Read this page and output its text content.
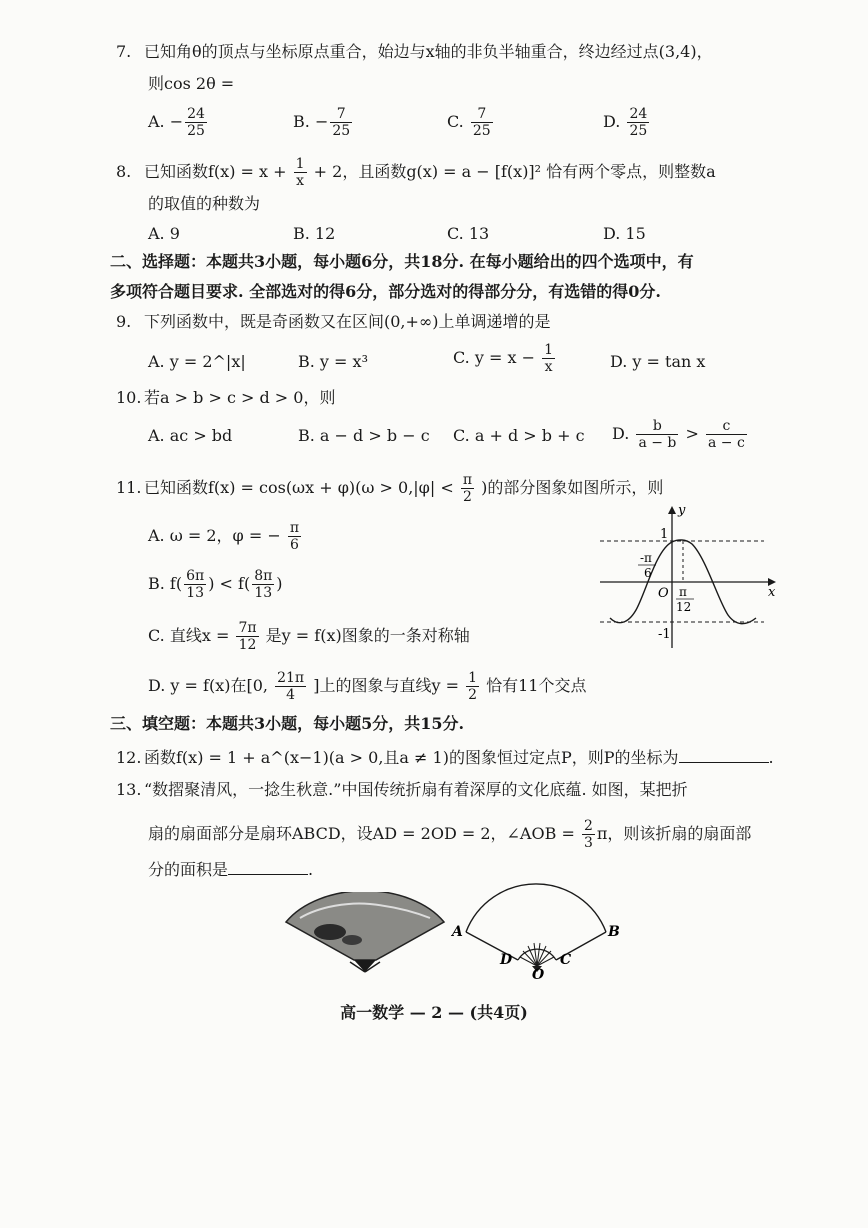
7. 已知角θ的顶点与坐标原点重合，始边与x轴的非负半轴重合，终边经过点(3,4)，
则cos 2θ =
A. − $\frac{24}{25}$	B. − $\frac{7}{25}$	C. $\frac{7}{25}$	D. $\frac{24}{25}$
8. 已知函数$f(x) = x + \frac{1}{x} + 2$，且函数g(x) = a − [f(x)]² 恰有两个零点，则整数a
的取值的种数为
A. 9	B. 12	C. 13	D. 15
二、选择题：本题共3小题，每小题6分，共18分. 在每小题给出的四个选项中，有
多项符合题目要求. 全部选对的得6分，部分选对的得部分分，有选错的得0分.
9. 下列函数中，既是奇函数又在区间(0,+∞)上单调递增的是
A. y = 2^|x|	B. y = x³	C. $y = x - \frac{1}{x}$	D. y = tan x
10. 若a > b > c > d > 0，则
A. ac > bd	B. a − d > b − c C. a + d > b + c D. $\frac{b}{a - b} > \frac{c}{a - c}$
11. 已知函数$f(x) = \cos(\omega x + \varphi)(\omega > 0,|\varphi| < \frac{\pi}{2}$ )的部分图象如图所示，则
A. ω = 2，φ = − $\frac{\pi}{6}$
B. $f( \frac{6\pi}{13}$ ) < $f( \frac{8\pi}{13}$ )
C. 直线$x = \frac{7\pi}{12}$ 是y = f(x)图象的一条对称轴
D. y = f(x)在[0, $\frac{21\pi}{4}$ ]上的图象与直线$y = \frac{1}{2}$ 恰有11个交点
y
x
O
1
-1
-π
6
π
12
三、填空题：本题共3小题，每小题5分，共15分.
12. 函数f(x) = 1 + a^(x−1)(a > 0,且a ≠ 1)的图象恒过定点P，则P的坐标为	.
13. “数摺聚清风，一捻生秋意.”中国传统折扇有着深厚的文化底蕴. 如图，某把折
扇的扇面部分是扇环ABCD，设AD = 2OD = 2，∠AOB = $\frac{2}{3}$ π，则该折扇的扇面部
分的面积是	.
A	B
D	C
O
高一数学 — 2 — (共4页)
